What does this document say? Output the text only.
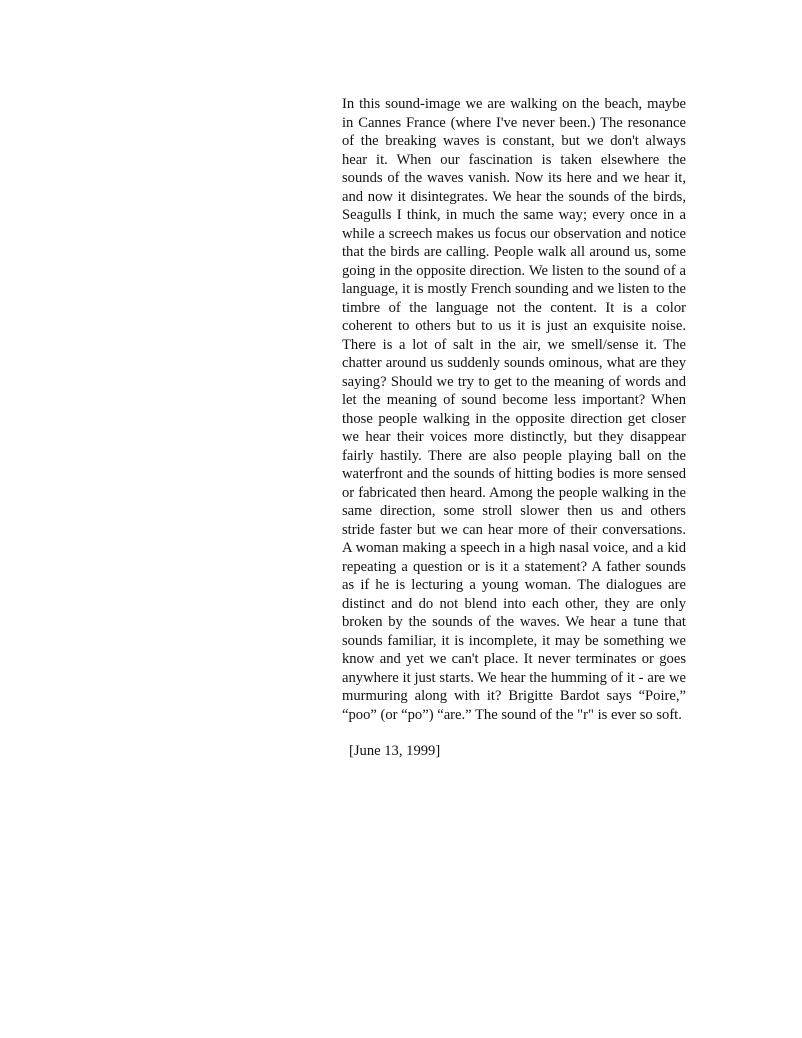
In this sound-image we are walking on the beach, maybe in Cannes France (where I've never been.) The resonance of the breaking waves is constant, but we don't always hear it. When our fascination is taken elsewhere the sounds of the waves vanish. Now its here and we hear it, and now it disintegrates. We hear the sounds of the birds, Seagulls I think, in much the same way; every once in a while a screech makes us focus our observation and notice that the birds are calling. People walk all around us, some going in the opposite direction. We listen to the sound of a language, it is mostly French sounding and we listen to the timbre of the language not the content. It is a color coherent to others but to us it is just an exquisite noise. There is a lot of salt in the air, we smell/sense it. The chatter around us suddenly sounds ominous, what are they saying? Should we try to get to the meaning of words and let the meaning of sound become less important? When those people walking in the opposite direction get closer we hear their voices more distinctly, but they disappear fairly hastily. There are also people playing ball on the waterfront and the sounds of hitting bodies is more sensed or fabricated then heard. Among the people walking in the same direction, some stroll slower then us and others stride faster but we can hear more of their conversations. A woman making a speech in a high nasal voice, and a kid repeating a question or is it a statement? A father sounds as if he is lecturing a young woman. The dialogues are distinct and do not blend into each other, they are only broken by the sounds of the waves. We hear a tune that sounds familiar, it is incomplete, it may be something we know and yet we can't place. It never terminates or goes anywhere it just starts. We hear the humming of it - are we murmuring along with it? Brigitte Bardot says “Poire,” “poo” (or “po”) “are.” The sound of the "r" is ever so soft.

[June 13, 1999]
